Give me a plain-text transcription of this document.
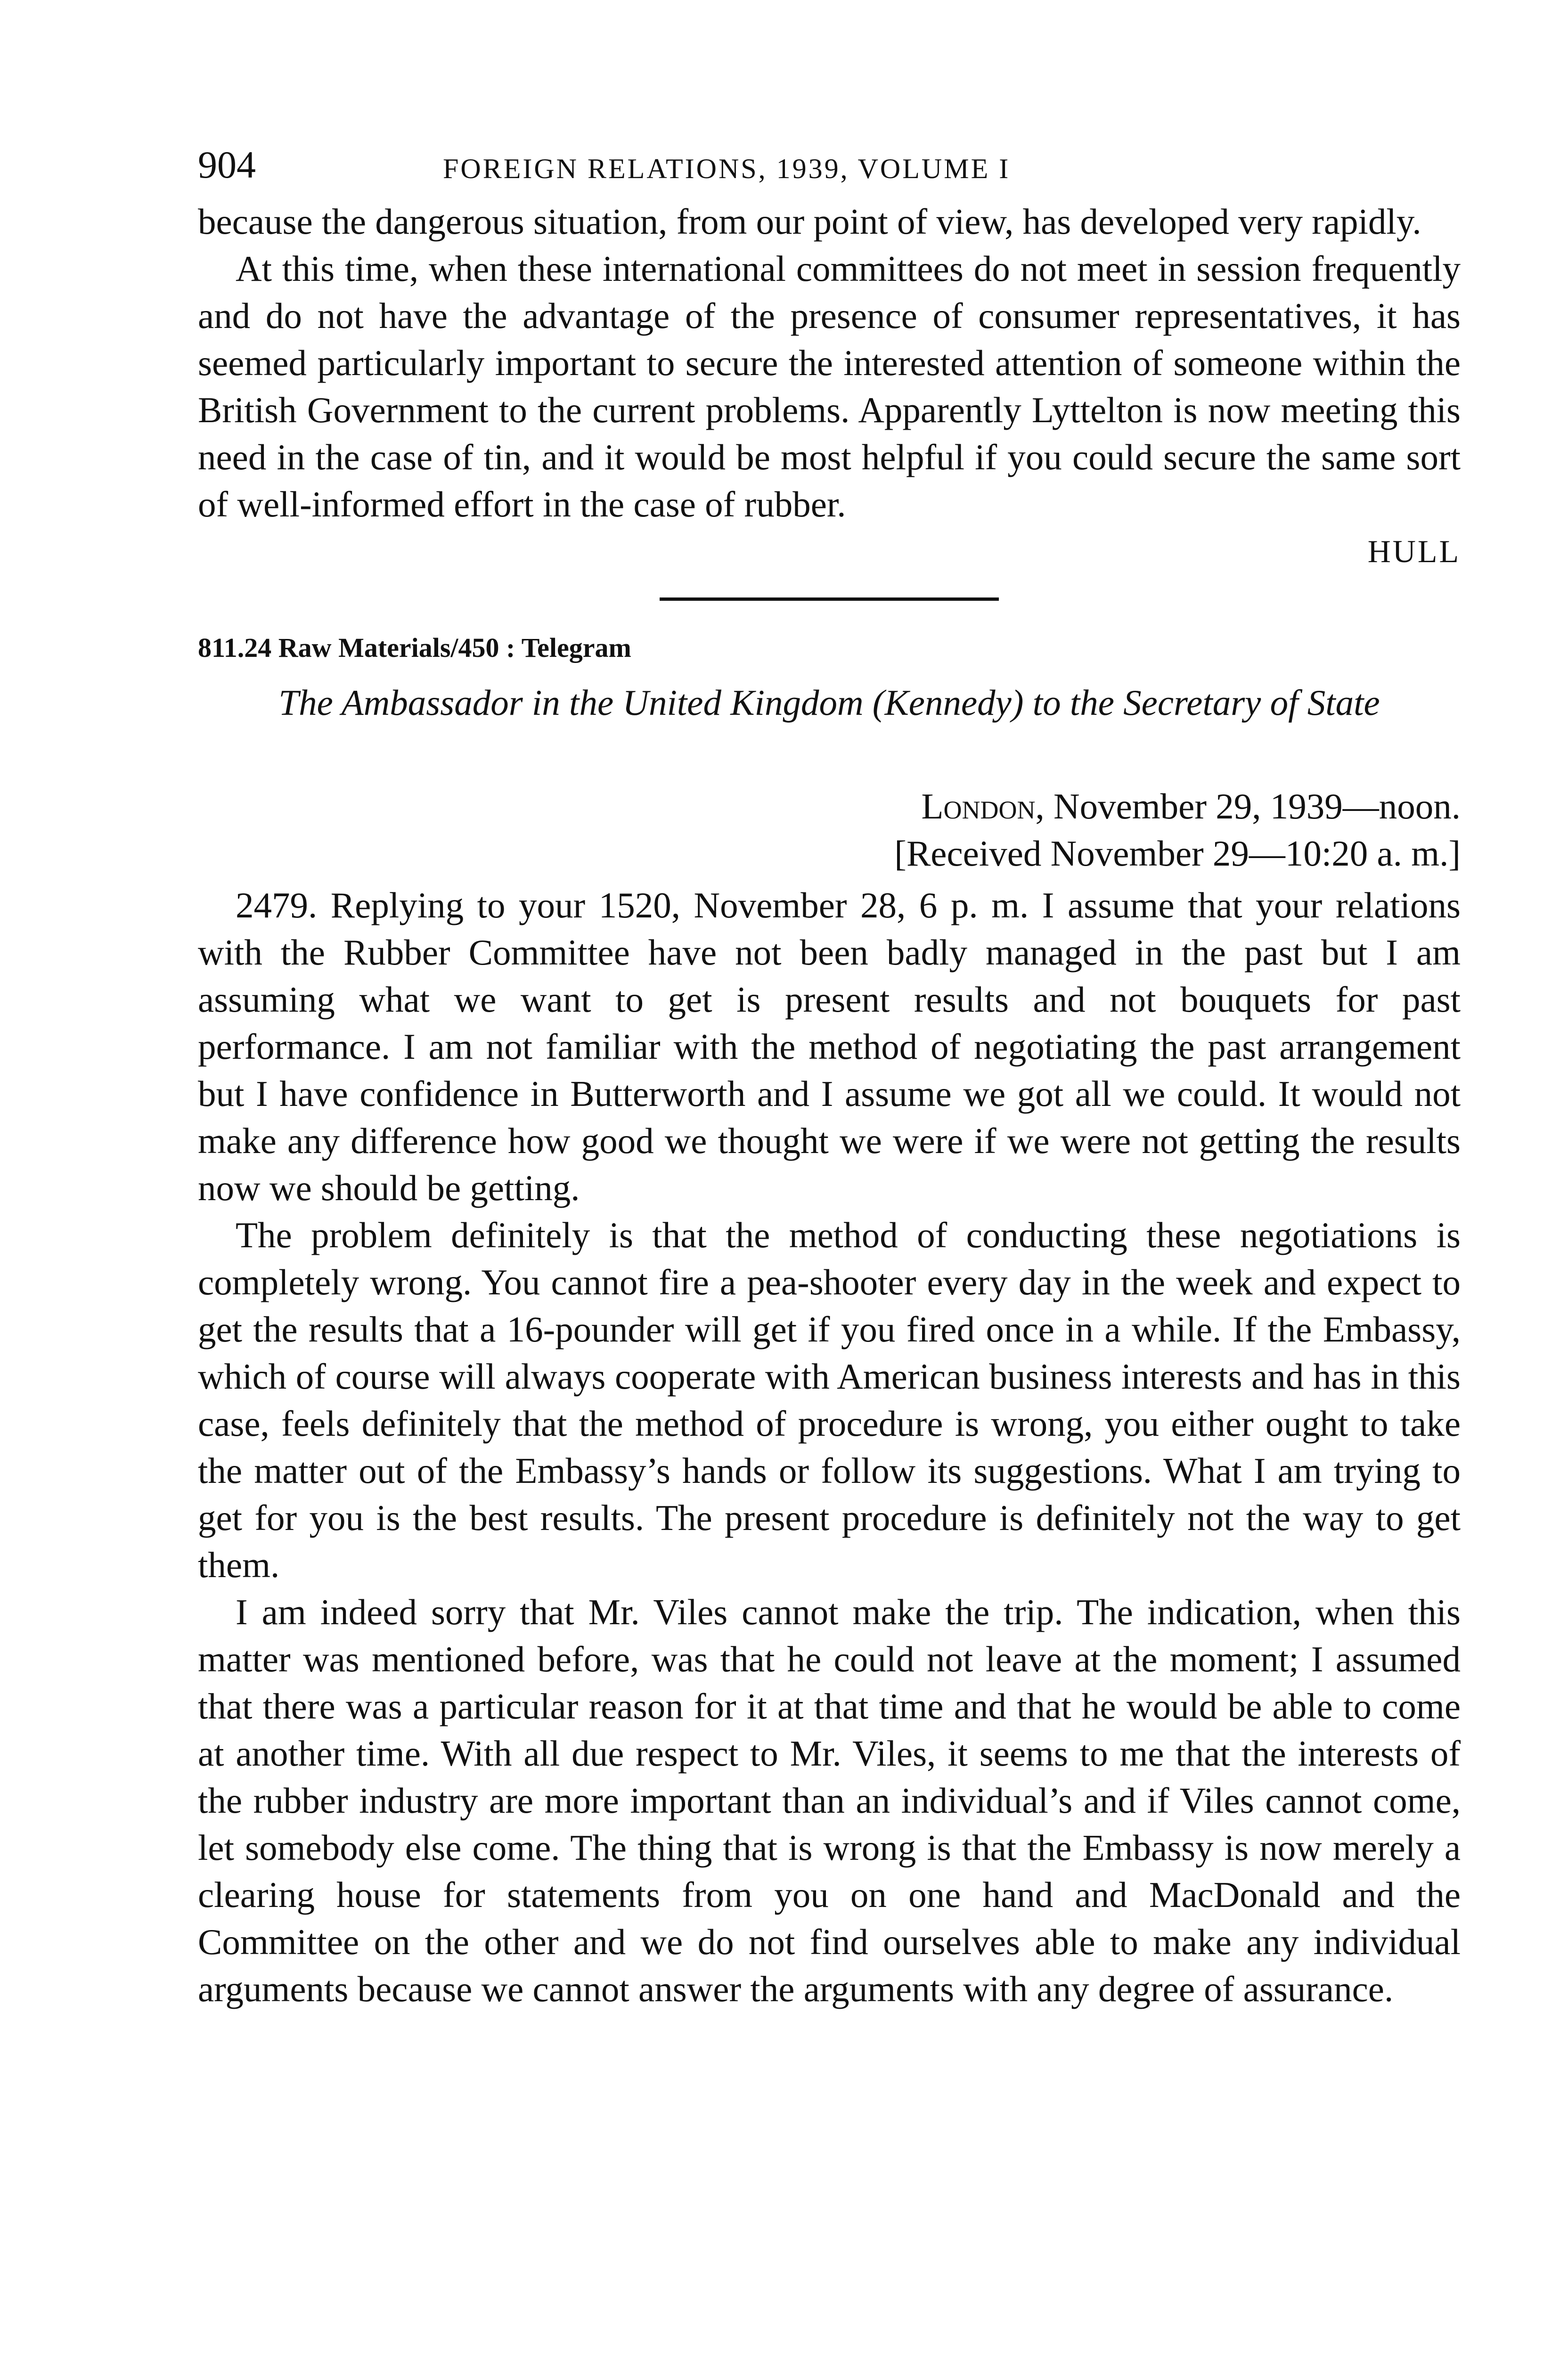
904	FOREIGN RELATIONS, 1939, VOLUME I

because the dangerous situation, from our point of view, has developed very rapidly.

At this time, when these international committees do not meet in session frequently and do not have the advantage of the presence of consumer representatives, it has seemed particularly important to secure the interested attention of someone within the British Government to the current problems. Apparently Lyttelton is now meeting this need in the case of tin, and it would be most helpful if you could secure the same sort of well-informed effort in the case of rubber.

HULL
811.24 Raw Materials/450 : Telegram
The Ambassador in the United Kingdom (Kennedy) to the Secretary of State
London, November 29, 1939—noon.
[Received November 29—10:20 a. m.]

2479. Replying to your 1520, November 28, 6 p. m. I assume that your relations with the Rubber Committee have not been badly managed in the past but I am assuming what we want to get is present results and not bouquets for past performance. I am not familiar with the method of negotiating the past arrangement but I have confidence in Butterworth and I assume we got all we could. It would not make any difference how good we thought we were if we were not getting the results now we should be getting.

The problem definitely is that the method of conducting these negotiations is completely wrong. You cannot fire a pea-shooter every day in the week and expect to get the results that a 16-pounder will get if you fired once in a while. If the Embassy, which of course will always cooperate with American business interests and has in this case, feels definitely that the method of procedure is wrong, you either ought to take the matter out of the Embassy’s hands or follow its suggestions. What I am trying to get for you is the best results. The present procedure is definitely not the way to get them.

I am indeed sorry that Mr. Viles cannot make the trip. The indication, when this matter was mentioned before, was that he could not leave at the moment; I assumed that there was a particular reason for it at that time and that he would be able to come at another time. With all due respect to Mr. Viles, it seems to me that the interests of the rubber industry are more important than an individual’s and if Viles cannot come, let somebody else come. The thing that is wrong is that the Embassy is now merely a clearing house for statements from you on one hand and MacDonald and the Committee on the other and we do not find ourselves able to make any individual arguments because we cannot answer the arguments with any degree of assurance.
